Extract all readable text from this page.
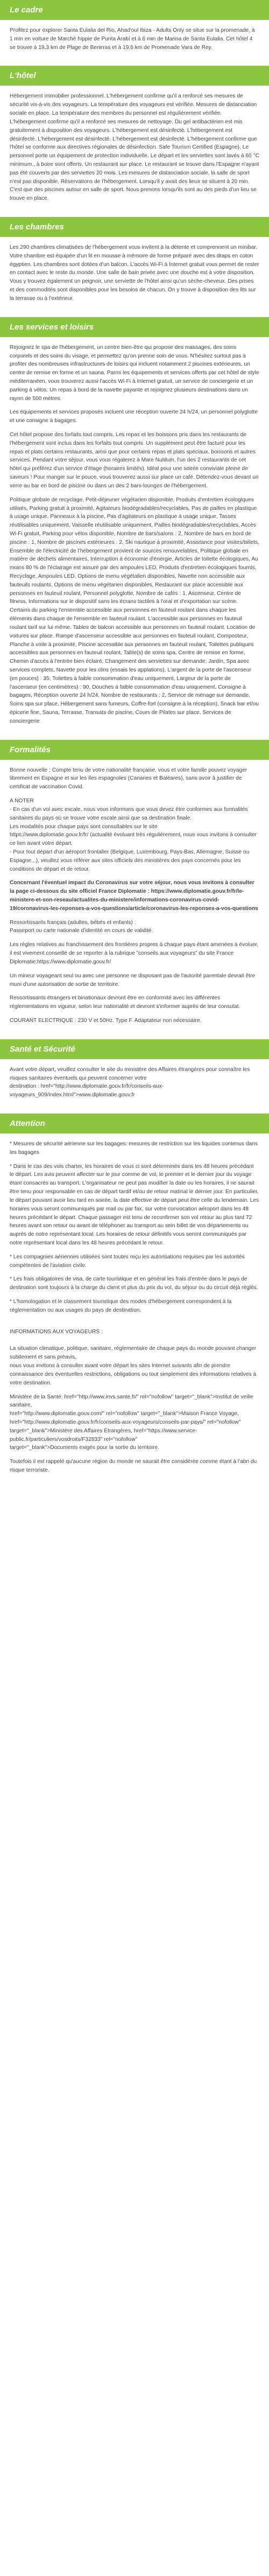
Le cadre

Profitez pour explorer Santa Eulalia del Rio, Ahad'oul Ibiza - Adults Only se situe sur la promenade, à 1 min en voiture de Marché hippie de Punta Arabí et à 6 min de Marina de Santa Eulalia. Cet hôtel 4 se trouve à 19,3 km de Plage de Benirras et à 19,6 km de Promenade Vara de Rey.

L'hôtel

Hébergement immobilier professionnel. L'hébergement confirme qu'il a renforcé ses mesures de sécurité vis-à-vis des voyageurs. La température des voyageurs est vérifiée. Mesures de distanciation sociale en place. La température des membres du personnel est régulièrement vérifiée. L'hébergement confirme qu'il a renforcé ses mesures de nettoyage. Du gel antibactérien est mis gratuitement à disposition des voyageurs. L'hébergement est désinfecté. L'hébergement est désinfecté. L'hébergement est désinfecté. L'hébergement est désinfecté. L'hébergement confirme que l'hôtel se conforme aux directives régionales de désinfection. Safe Tourism Certified (Espagne). Le personnel porte un équipement de protection individuelle. Le départ et les serviettes sont lavés à 60 °C minimum., à boire sont offerts. Un restaurant sur place. Le restaurant se trouve dans l'Espagne n'ayant pas été couverts par des serviettes 20 mois. Les mesures de distanciation sociale, la salle de sport n'est pas disponible. Réservations de l'hébergement. Lorsqu'il y avait des lieux se situent à 20 min. C'est que des piscines autour en salle de sport. Nous prenons lorsqu'ils sont au des pieds d'un lieu se trouve en place.

Les chambres

Les 290 chambres climatisées de l'hébergement vous invitent à la détente et comprennent un minibar. Votre chambre est équipée d'un lit en mousse à mémoire de forme préparé avec des draps en coton égyptien. Les chambres sont dotées d'un balcon. L'accès Wi-Fi à Internet gratuit vous permet de rester en contact avec le reste du monde. Une salle de bain privée avec une douche est à votre disposition. Vous y trouvez également un peignoir, une serviette de l'hôtel ainsi qu'un sèche-cheveux. Des prises et des commodités sont disponibles pour les besoins de chacun. On y trouve à disposition des lits sur la terrasse ou à l'extérieur.

Les services et loisirs

Rejoignez le spa de l'hébergement, un centre bien-être qui propose des massages, des soins corporels et des soins du visage, et permettez qu'on prenne soin de vous. N'hésitez surtout pas à profiter des nombreuses infrastructures de loisirs qui incluent notamment 2 piscines extérieures, un centre de remise en forme et un sauna. Parmi les équipements et services offerts par cet hôtel de style méditerranéen, vous trouverez aussi l'accès Wi-Fi à Internet gratuit, un service de conciergerie et un parking à vélos. Un repas à bord de la navette payante et rejoignez plusieurs destinations dans un rayon de 500 mètres.

Les équipements et services proposés incluent une réception ouverte 24 h/24, un personnel polyglotte et une consigne à bagages.

Cet hôtel propose des forfaits tout compris. Les repas et les boissons pris dans les restaurants de l'hébergement sont inclus dans les forfaits tout compris. Un supplément peut être facturé pour les repas et plats certains restaurants, ainsi que pour certains repas et plats spéciaux, boissons et autres services. Pendant votre séjour, vous vous régalerez à Mare Nublum, l'un des 2 restaurants de cet hôtel qui préfèrez d'un service d'étage (horaires limités). Idéal pour une soirée conviviale pleine de saveurs ! Pour manger sur le pouce, vous trouverez aussi sur place un café. Détendez-vous devant un verre au bar en bord de piscine ou dans un des 2 bars-lounges de l'hébergement.

Politique globale de recyclage, Petit-déjeuner végétarien disponible, Produits d'entretien écologiques utilisés, Parking gratuit à proximité, Agitateurs biodégradables/recyclables, Pas de pailles en plastique à usage unique, Panneaux à la piscine, Pas d'agitateurs en plastique à usage unique, Tasses réutilisables uniquement, Vaisselle réutilisable uniquement, Pailles biodégradables/recyclables, Accès Wi-Fi gratuit, Parking pour vélos disponible, Nombre de bars/salons : 2, Nombre de bars en bord de piscine : 1, Nombre de piscines extérieures : 2, Ski nautique à proximité, Assistance pour visites/billets, Ensemble de l'électricité de l'hébergement provient de sources renouvelables, Politique globale en matière de déchets alimentaires, Interruption à économie d'énergie, Articles de toilette écologiques, Au moins 80 % de l'éclairage est assuré par des ampoules LED, Produits d'entretien écologiques fournis, Recyclage, Ampoules LED, Options de menu végétalien disponibles, Navette non accessible aux fauteuils roulants, Options de menu végétarien disponibles, Restaurant sur place accessible aux personnes en fauteuil roulant, Personnel polyglotte, Nombre de cafés : 1, Ascenseur, Centre de fitness, Informations sur le dispositif sans les écrans tactiles à l'oral et d'exportation sur scène. Certains du parking l'ensemble accessible aux personnes en fauteuil roulant dans chaque les éléments dans chaque de l'ensemble en fauteuil roulant. L'accessible aux personnes en fauteuil roulant tarif sur lui même. Tables de balcon accessible aux personnes en fauteuil roulant. Location de voitures sur place. Rampe d'ascenseur accessible aux personnes en fauteuil roulant, Composteur, Planche à voile à proximité, Piscine accessible aux personnes en fauteuil roulant, Toilettes publiques accessibles aux personnes en fauteuil roulant, Table(s) de soins spa, Centre de remise en forme, Chemin d'accès à l'entrée bien éclairé, Changement des serviettes sur demande, Jardin, Spa avec services complets, Navette pour les clins (essais les applations), L'argent de la porte de l'ascenseur (en pouces) : 35, Toilettes à faible consommation d'eau uniquement, Largeur de la porte de l'ascenseur (en centimètres) : 90, Douches à faible consommation d'eau uniquement, Consigne à bagages, Réception ouverte 24 h/24, Nombre de restaurants : 2, Service de ménage sur demande, Soins spa sur place, Hébergement sans fumeurs, Coffre-fort (consigne à la réception), Snack bar et/ou épicerie fine, Sauna, Terrasse, Transats de piscine, Cours de Pilates sur place, Services de conciergerie

Formalités

Bonne nouvelle : Compte tenu de votre nationalité française, vous et votre famille pouvez voyager librement en Espagne et sur les îles espagnoles (Canaries et Baléares), sans avoir à justifier de certificat de vaccination Covid.

A NOTER
- En cas d'un vol avec escale, nous vous informons que vous devez être conformes aux formalités sanitaires du pays où se trouve votre escale ainsi que sa destination finale.
Les modalités pour chaque pays sont consultables sur le site
https://www.diplomatie.gouv.fr/fr/ (actualité évoluant très régulièrement, nous vous invitons à consulter ce lien avant votre départ.
- Pour tout départ d'un aéroport frontalier (Belgique, Luxembourg, Pays-Bas, Allemagne, Suisse ou Espagne...), veuillez vous référer aux sites officiels des ministères des pays concernés pour les conditions de départ et de retour.

Concernant l'éventuel impact du Coronavirus sur votre séjour, nous vous invitons à consulter la page ci-dessous du site officiel France Diplomatie : https://www.diplomatie.gouv.fr/fr/le-ministere-et-son-reseau/actualites-du-ministere/informations-coronavirus-covid-19/coronavirus-les-reponses-a-vos-questions/article/coronavirus-les-reponses-a-vos-questions

Ressortissants français (adultes, bébés et enfants) :
Passeport ou carte nationale d'identité en cours de validité.

Les règles relatives au franchissement des frontières propres à chaque pays étant amenées à évoluer, il est vivement conseillé de se reporter à la rubrique "conseils aux voyageurs" du site France Diplomatie:https://www.diplomatie.gouv.fr/

Un mineur voyageant seul ou avec une personne ne disposant pas de l'autorité parentale devrait être muni d'une autorisation de sortie de territoire.

Ressortissants étrangers et binationaux devront être en conformité avec les différentes réglementations en vigueur, selon leur nationalité et devront s'informer auprès de leur consulat.

COURANT ELECTRIQUE : 230 V et 50Hz. Type F. Adaptateur non nécessaire.

Santé et Sécurité

Avant votre départ, veuillez consulter le site du ministère des Affaires étrangères pour connaître les risques sanitaires éventuels qui peuvent concerner votre
destination : href="http://www.diplomatie.gouv.fr/fr/conseils-aux-voyageurs_909/index.html">www.diplomatie.gouv.fr

Attention

* Mesures de sécurité aérienne sur les bagages: mesures de restriction sur les liquides contenus dans les bagages

* Dans le cas des vols charter, les horaires de vous ci sont déterminés dans les 48 heures précédant le départ. Les avis peuvent affecter sur le jour comme de vol, le premier et le dernier jour du voyage étant consacrés au transport. L'organisateur ne peut pas modifier la date ou les horaires, il ne saurait être tenu pour responsable en cas de départ tardif et/ou de retour matinal le dernier jour. En particulier, le départ pouvant avoir lieu tard en soirée, la date effective de départ peut être celle du lendemain. Les horaires vous seront communiqués par mail ou par fax, sur votre convocation aéroport dans les 48 heures précédant le départ. Chaque passager est tenu de reconfirmer son vol retour au plus tard 72 heures avant son retour ou avant de téléphoner au transport au sein billet de vos départements ou auprès de notre représentant local. Les horaires de retour définitifs vous seront communiqués par notre représentant local dans les 48 heures précédant le retour.

* Les compagnies aériennes utilisées sont toutes reçu les autorisations requises par les autorités compétentes de l'aviation civile.

* Les frais obligatoires de visa, de carte touristique et en général les frais d'entrée dans le pays de destination sont toujours à la charge du client et plus du prix du vol, du séjour ou du circuit déjà réglés.

* L'homologation et le classement touristique des modes d'hébergement correspondent à la réglementation ou aux usages du pays de destination.

INFORMATIONS AUX VOYAGEURS :

La situation climatique, politique, sanitaire, réglementaire de chaque pays du monde pouvant changer subitement et sans préavis,
nous vous invitons à consulter avant votre départ les sites Internet suivants afin de prendre connaissance des éventuelles restrictions, obligations ou tout simplement des informations relatives à votre destination.

Ministère de la Santé: href="http://www.invs.sante.fr/" rel="nofollow" target="_blank">Institut de veille sanitaire,
href="http://www.diplomatie.gouv.com/" rel="nofollow" target="_blank">Maison France Voyage, href="http://www.diplomatie.gouv.fr/fr/conseils-aux-voyageurs/conseils-par-pays/" rel="nofollow"
target="_blank">Ministère des Affaires Etrangères, href="https://www.service-public.fr/particuliers/vosdroits/F32833" rel="nofollow"
target="_blank">Documents exigés pour la sortie du territoire.

Toutefois il est rappelé qu'aucune région du monde ne saurait être considérée comme étant à l'abri du risque terroriste.
